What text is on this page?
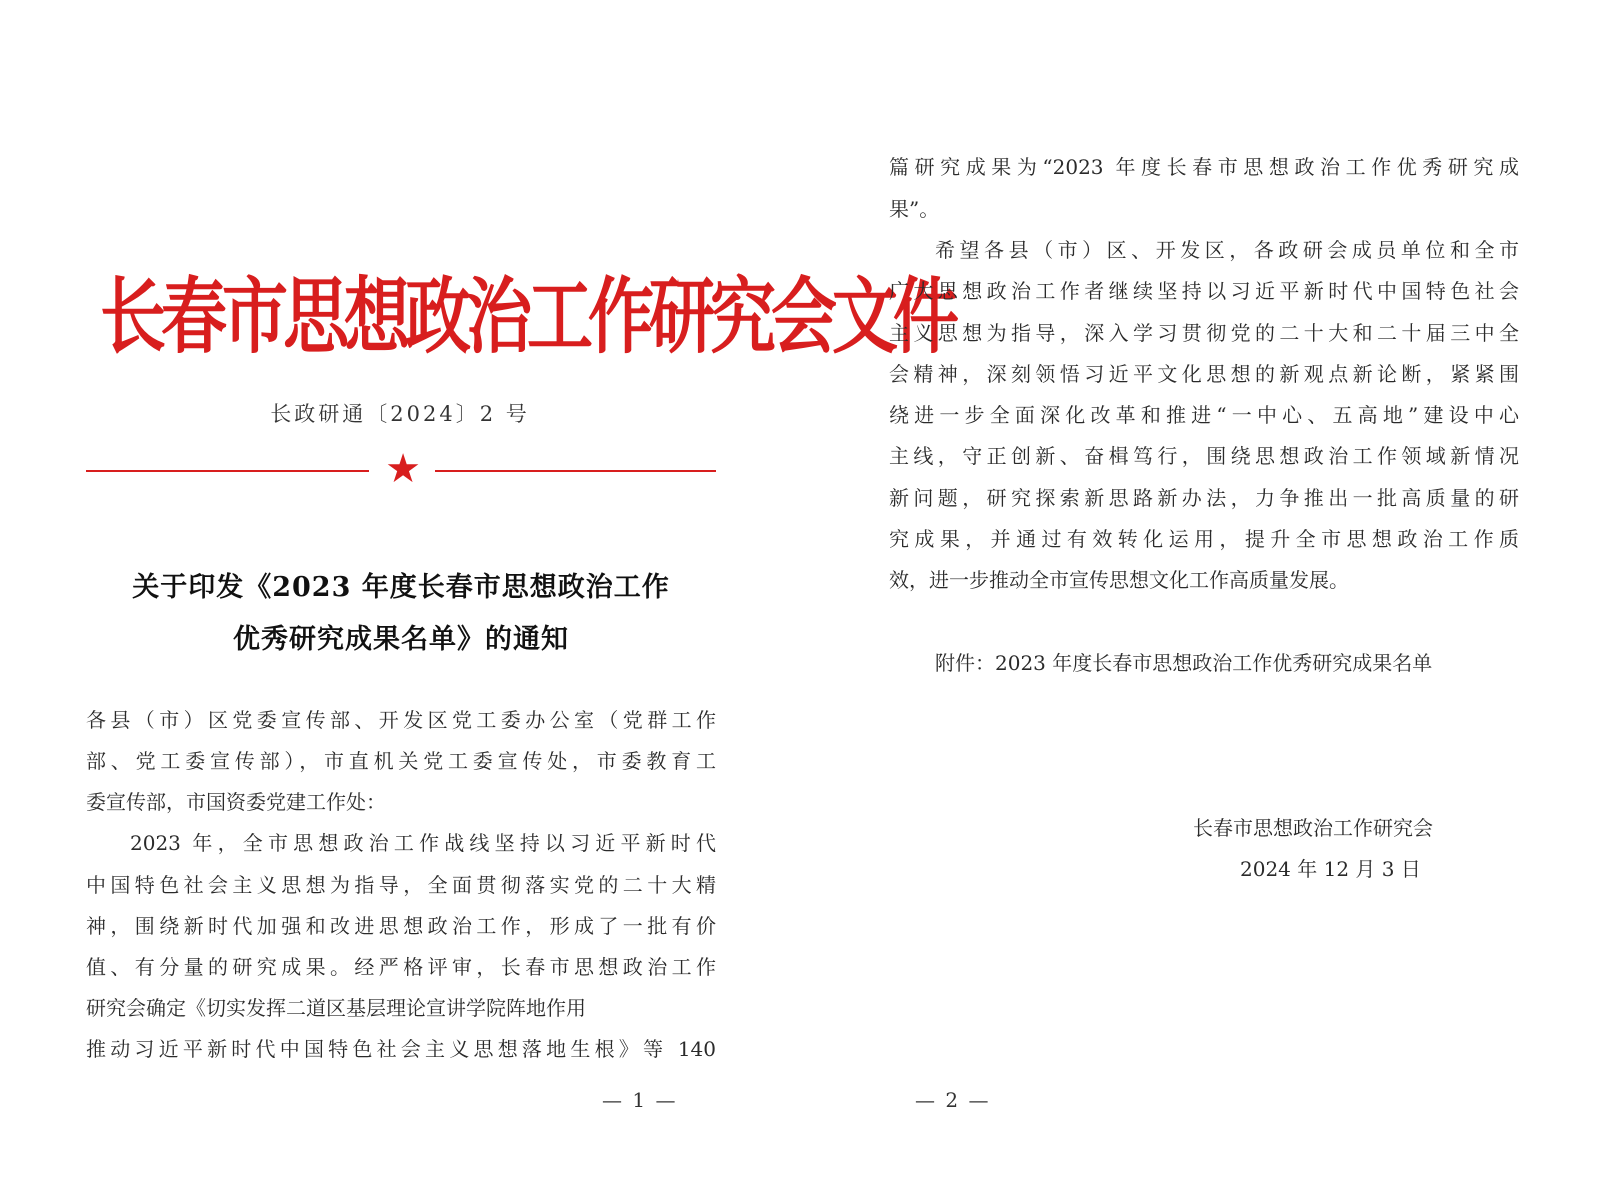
长春市思想政治工作研究会文件
长政研通〔2024〕2 号
★
关于印发《2023 年度长春市思想政治工作
优秀研究成果名单》的通知
各县（市）区党委宣传部、开发区党工委办公室（党群工作
部、党工委宣传部），市直机关党工委宣传处，市委教育工
委宣传部，市国资委党建工作处：
2023 年，全市思想政治工作战线坚持以习近平新时代
中国特色社会主义思想为指导，全面贯彻落实党的二十大精
神，围绕新时代加强和改进思想政治工作，形成了一批有价
值、有分量的研究成果。经严格评审，长春市思想政治工作
研究会确定《切实发挥二道区基层理论宣讲学院阵地作用
推动习近平新时代中国特色社会主义思想落地生根》等 140
— 1 —
篇研究成果为“2023 年度长春市思想政治工作优秀研究成
果”。
希望各县（市）区、开发区，各政研会成员单位和全市
广大思想政治工作者继续坚持以习近平新时代中国特色社会
主义思想为指导，深入学习贯彻党的二十大和二十届三中全
会精神，深刻领悟习近平文化思想的新观点新论断，紧紧围
绕进一步全面深化改革和推进“一中心、五高地”建设中心
主线，守正创新、奋楫笃行，围绕思想政治工作领域新情况
新问题，研究探索新思路新办法，力争推出一批高质量的研
究成果，并通过有效转化运用，提升全市思想政治工作质
效，进一步推动全市宣传思想文化工作高质量发展。
附件：2023 年度长春市思想政治工作优秀研究成果名单
长春市思想政治工作研究会
2024 年 12 月 3 日
— 2 —
